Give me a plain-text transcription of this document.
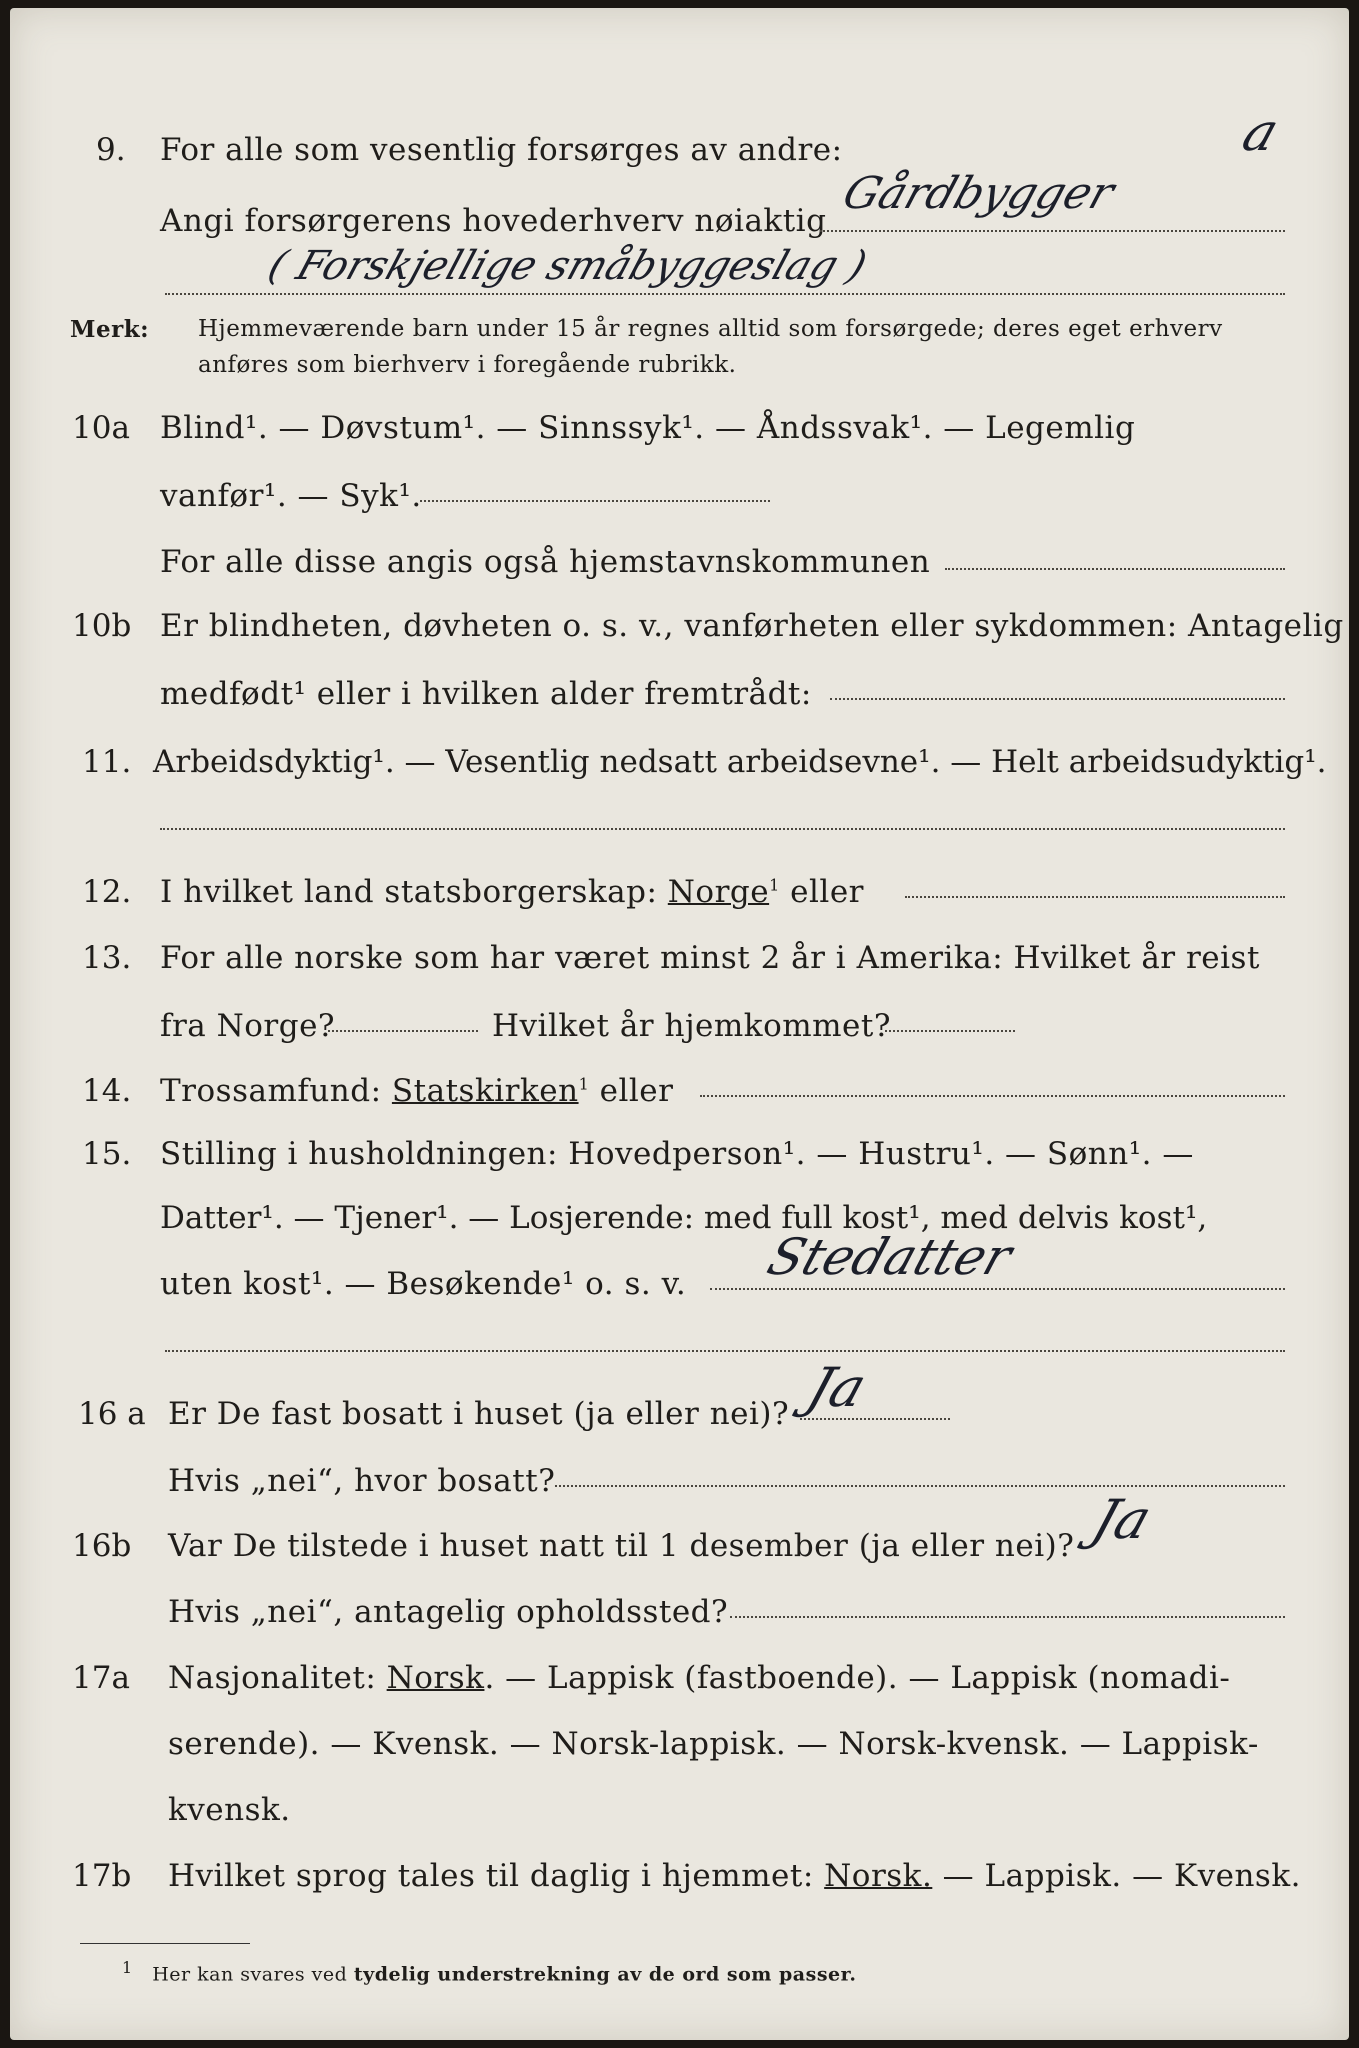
9. For alle som vesentlig forsørges av andre:	a
Angi forsørgerens hovederhverv nøiaktig
Gårdbygger
( Forskjellige småbyggeslag )
Merk: Hjemmeværende barn under 15 år regnes alltid som forsørgede; deres eget erhverv
anføres som bierhverv i foregående rubrikk.
10a Blind¹. — Døvstum¹. — Sinnssyk¹. — Åndssvak¹. — Legemlig
vanfør¹. — Syk¹.
For alle disse angis også hjemstavnskommunen
10b Er blindheten, døvheten o. s. v., vanførheten eller sykdommen: Antagelig
medfødt¹ eller i hvilken alder fremtrådt:
11. Arbeidsdyktig¹. — Vesentlig nedsatt arbeidsevne¹. — Helt arbeidsudyktig¹.
12. I hvilket land statsborgerskap: Norge$^1$ eller
13. For alle norske som har været minst 2 år i Amerika: Hvilket år reist
fra Norge?	Hvilket år hjemkommet?
14. Trossamfund: Statskirken$^1$ eller
15. Stilling i husholdningen: Hovedperson¹. — Hustru¹. — Sønn¹. —
Datter¹. — Tjener¹. — Losjerende: med full kost¹, med delvis kost¹,
uten kost¹. — Besøkende¹ o. s. v. Stedatter
16 a Er De fast bosatt i huset (ja eller nei)? Ja
Hvis „nei“, hvor bosatt?
16b Var De tilstede i huset natt til 1 desember (ja eller nei)? Ja
Hvis „nei“, antagelig opholdssted?
17a Nasjonalitet: Norsk. — Lappisk (fastboende). — Lappisk (nomadi-
serende). — Kvensk. — Norsk-lappisk. — Norsk-kvensk. — Lappisk-
kvensk.
17b Hvilket sprog tales til daglig i hjemmet: Norsk. — Lappisk. — Kvensk.
$^1$ Her kan svares ved tydelig understrekning av de ord som passer.
